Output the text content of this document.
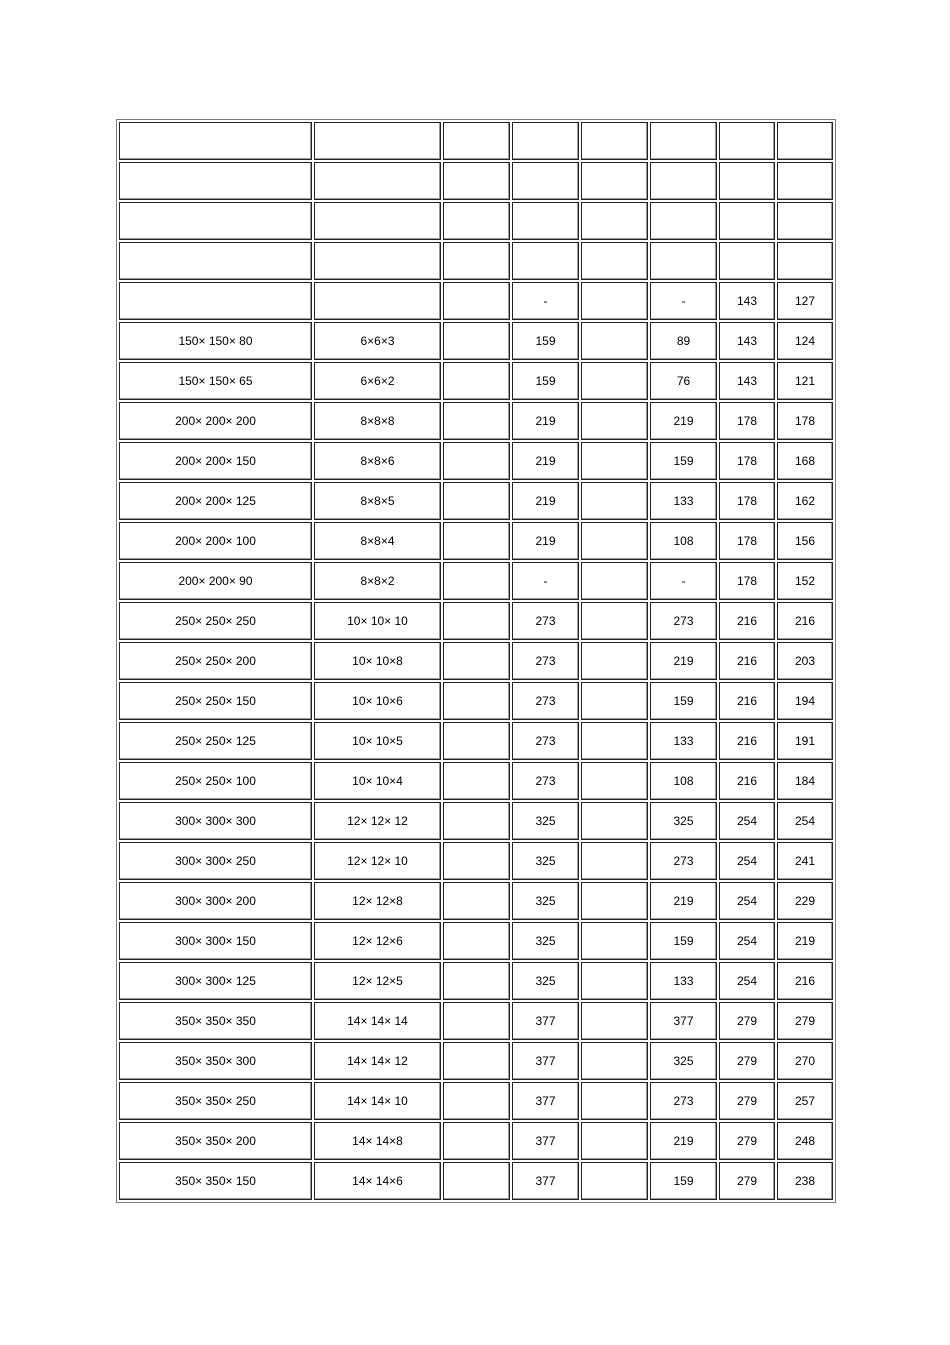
			-		-	143	127
150× 150× 80	6×6×3		159		89	143	124
150× 150× 65	6×6×2		159		76	143	121
200× 200× 200	8×8×8		219		219	178	178
200× 200× 150	8×8×6		219		159	178	168
200× 200× 125	8×8×5		219		133	178	162
200× 200× 100	8×8×4		219		108	178	156
200× 200× 90	8×8×2		-		-	178	152
250× 250× 250	10× 10× 10		273		273	216	216
250× 250× 200	10× 10×8		273		219	216	203
250× 250× 150	10× 10×6		273		159	216	194
250× 250× 125	10× 10×5		273		133	216	191
250× 250× 100	10× 10×4		273		108	216	184
300× 300× 300	12× 12× 12		325		325	254	254
300× 300× 250	12× 12× 10		325		273	254	241
300× 300× 200	12× 12×8		325		219	254	229
300× 300× 150	12× 12×6		325		159	254	219
300× 300× 125	12× 12×5		325		133	254	216
350× 350× 350	14× 14× 14		377		377	279	279
350× 350× 300	14× 14× 12		377		325	279	270
350× 350× 250	14× 14× 10		377		273	279	257
350× 350× 200	14× 14×8		377		219	279	248
350× 350× 150	14× 14×6		377		159	279	238
